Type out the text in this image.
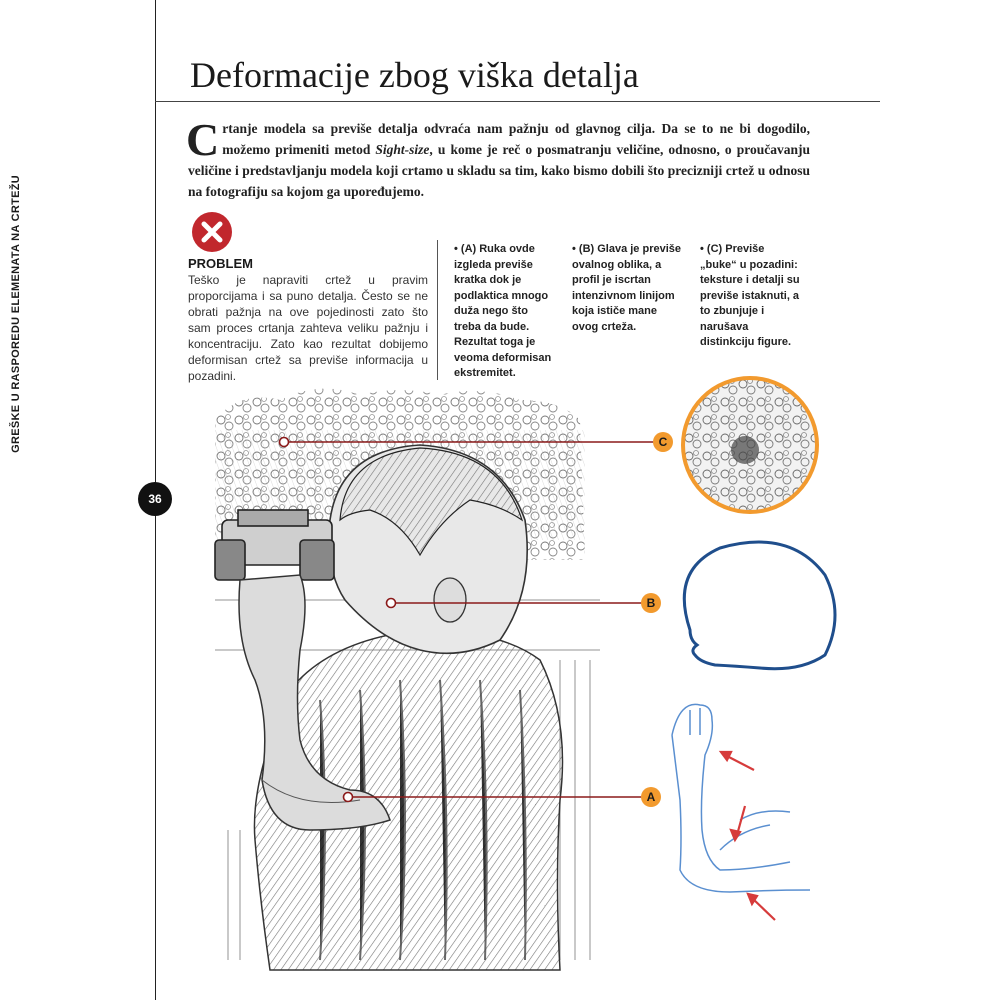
GREŠKE U RASPOREDU ELEMENATA NA CRTEŽU
36
Deformacije zbog viška detalja
Crtanje modela sa previše detalja odvraća nam pažnju od glavnog cilja. Da se to ne bi dogodilo, možemo primeniti metod Sight-size, u kome je reč o posmatranju veličine, odnosno, o proučavanju veličine i predstavljanju modela koji crtamo u skladu sa tim, kako bismo dobili što precizniji crtež u odnosu na fotografiju sa kojom ga upoređujemo.
PROBLEM
Teško je napraviti crtež u pravim proporcijama i sa puno detalja. Često se ne obrati pažnja na ove pojedinosti zato što sam proces crtanja zahteva veliku pažnju i koncentraciju. Zato kao rezultat dobijemo deformisan crtež sa previše informacija u pozadini.
• (A) Ruka ovde izgleda previše kratka dok je podlaktica mnogo duža nego što treba da bude. Rezultat toga je veoma deformisan ekstremitet.
• (B) Glava je previše ovalnog oblika, a profil je iscrtan intenzivnom linijom koja ističe mane ovog crteža.
• (C) Previše „buke“ u pozadini: teksture i detalji su previše istaknuti, a to zbunjuje i narušava distinkciju figure.
C
B
A
